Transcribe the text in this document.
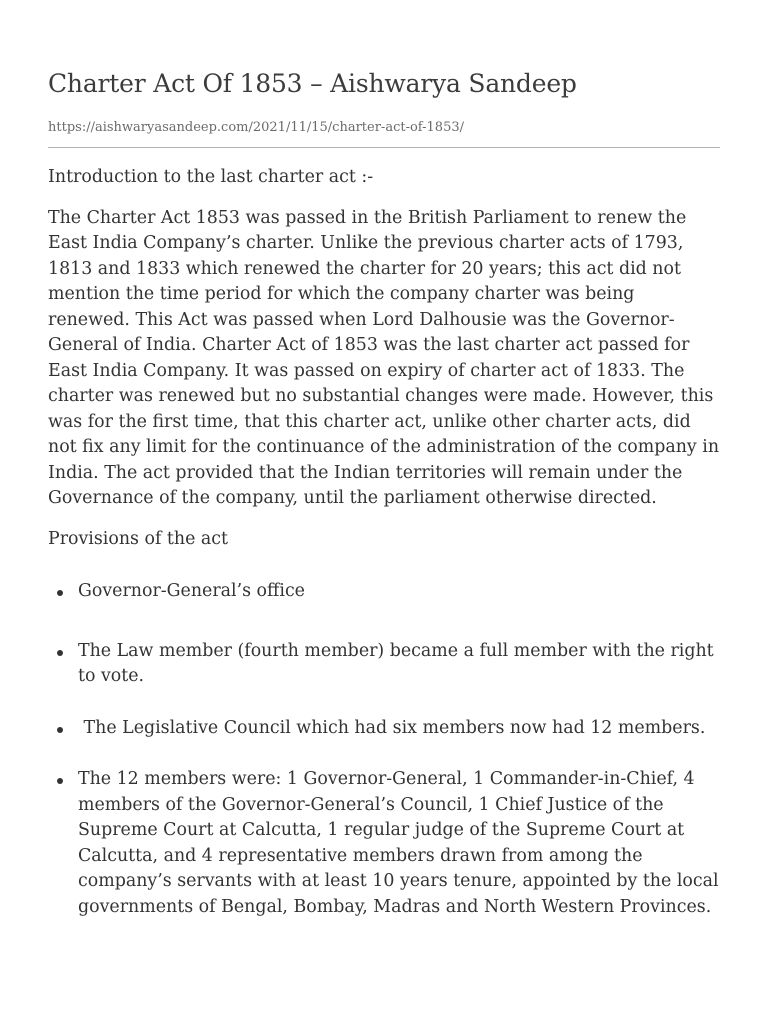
Charter Act Of 1853 – Aishwarya Sandeep
https://aishwaryasandeep.com/2021/11/15/charter-act-of-1853/

Introduction to the last charter act :-

The Charter Act 1853 was passed in the British Parliament to renew the East India Company’s charter. Unlike the previous charter acts of 1793, 1813 and 1833 which renewed the charter for 20 years; this act did not mention the time period for which the company charter was being renewed. This Act was passed when Lord Dalhousie was the Governor-General of India. Charter Act of 1853 was the last charter act passed for East India Company. It was passed on expiry of charter act of 1833. The charter was renewed but no substantial changes were made. However, this was for the first time, that this charter act, unlike other charter acts, did not fix any limit for the continuance of the administration of the company in India. The act provided that the Indian territories will remain under the Governance of the company, until the parliament otherwise directed.

Provisions of the act

Governor-General’s office
The Law member (fourth member) became a full member with the right to vote.
The Legislative Council which had six members now had 12 members.
The 12 members were: 1 Governor-General, 1 Commander-in-Chief, 4 members of the Governor-General’s Council, 1 Chief Justice of the Supreme Court at Calcutta, 1 regular judge of the Supreme Court at Calcutta, and 4 representative members drawn from among the company’s servants with at least 10 years tenure, appointed by the local governments of Bengal, Bombay, Madras and North Western Provinces.
